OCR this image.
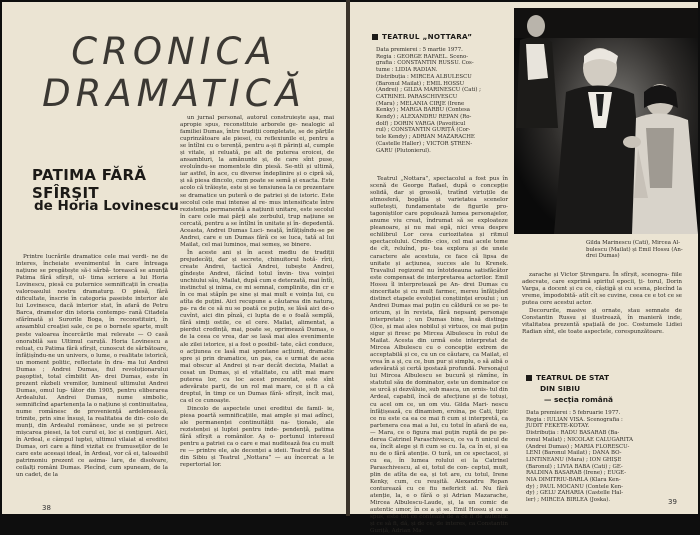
CRONICA
DRAMATICĂ
PATIMA FĂRĂ SFÎRŞIT
de Horia Lovinescu

Printre lucrările dramatice cele mai verdi- ne de interes, încheiate evenimentul în care întreaga națiune se pregătește să-i sărbă- torească se anunță Patima fără sfîrșit, ul- tima scriere a lui Horia Lovinescu, piesă cu puternice semnificații în creația valoroasului nostru dramaturg. O piesă, fără dificultate, înscrie în categoria paseiste interior ale lui Lovinescu, dacă interior stat, în afară de Petru Barca, dramelor din istoria contempo- rană Citadela sfărîmată și Surorile Boga, în reconstituiri, în ansamblul creației sale, ce pe o bornele sparte, mult peste valoarea încercările mai relevate — O casă onorabilă sau Ultimul caruță. Horia Lovinescu a reluat, cu Patima fără sfîrșit, cunoscut de sărbătoare, înfățișîndu-ne un univers, o lume, o realitate istorică, un moment politic, reflectate în dra- ma lui Andrei Dumas ; Andrei Dumas, fiul revoluționarului pașoptist, total cîmbilit An- drei Dumas, este în prezent răzbeli vremilor, lumineul ultimului Andrei Dumas, omul lup- tător din 1905, pentru eliberarea Ardealului. Andrei Dumas, nume simbolic, semnificînd apartenența la o națiune și continuitatea, nume românesc de proveniență ardelenească, trimite, prin sine însuși, la realitatea de din- colo de munți, din Ardealul românesc, unde se și petrece mișcarea piesei, la tot curul ei, loc și conțiguri. Aici, în Ardeal, e câmpul luptei, ultimul vilaiat al ereditei Dumas, ori care a fiind vizitat ce frumuseților de le care este aceeași ideal, în Ardeal, vor că ei, taloasibil patrimoniu prezent ce asima- lare, de disolvare, ceilalți români Dumas. Plecînd, cum spuneam, de la un cadet, de la

un jurnal personal, autorul construiește așa, mai apropie spus, reconstituie arborele ge- nealogic al familiei Dumas, între tradiții completate, se de părțile cuprinzătoare ale piesei, cu reflexiunile ei, pentru a se întîlni cu o terență, pentru a-și fi părinți al, cumple și vitale, și reluată, pe alt de puterea eroicei, de ansambluri, la amănunte și, de care sînt puse, evoluîndu-se momentele din piesă. Se-ntîi și ultimă, iar astfel, în ace, cu diverse îndeplinire și o cipră să, și să piesa dincolo, cum poate se semă și exacta. Este acolo că trăiește, este și se tensiunea la ce prezentare se dramatice un puteră o de patriei și de istoric. Este secolul cele mai intense al re- mus intensificate între rezistența permanentă a națiunii unitare, este secolul în care cele mai părți ale zerbulul, trup națiune se cercată, pentru a se întîlni în unitate și în- depedentă. Aceasta, Andrei Dumas Luci- neață, înfățișîndu-se pe Andrei, care e un Dumas fără ce se luca, tată al lui Mailat, cel mai luminos, mai semeș, se binere.

În aceste ani și în acest mediu de tradiții prejudecăți, dar și secrete, chinuitorul hotă- rîrii, create Andrei, tactică Andrei, iubește Andrei, gîndește Andrei, făcînd totul învin- tiva voinței unchiului său, Mailat, după cum e deterzată, mai întîi, instinctul și inima, ce mi semnal, complinite, din cr e în ce mai stăpîn pe sine și mai mult e voința lui, cu atîta de puțini. Aici recupune a căutarea din natura, pa- ra de ce să nu se poată ce puțin, se lăsă aici de-o cuvînt, aici din pînză, ci lupta de e o foală semplă, fără simți ostile, ce el cere. Mailat, alimentat, a pierdut credință, mai, poate se, oprimează Dumas, o de la ceea ce vrea, dar se lasă mai ales evenimente ale zilei istorice, și a fost o posibil- tate, căci conduce, o acțiunea ce lasă mai spontane acțiunii, dramatic spre și prin dramatice, un pas, ca e urmat de acea mai obscur al Andrei și n-ar decât decizia, Mailat a cesat un Dumas, și el vitalitate, cu atît mai mare puterea lor, cu loc acest prezentat, este sînt adevărate parti, de un rol mai mare, ce și fi a că dreptul, în timp ce un Dumas fără- sfîrșit, încît mai, ca el ce cunoaște.

Dincolo de aspectele unei ereditui de famil- ie, piesa poartă semnificațiile, mai ample și mai adînci, ale permanenței continuității na- ționale, ale rezistenței și luptei pentru inde- pendență, patima fără sfîrșit a românilor. Aș o- portunul interesul pentru a patriei ca o care e mai nuditează fea cu mult re — printre ele, ale decenței a ideii. Teatrul de Stat din Sibiu și Teatrul „Nottara” — au încercat a le repertorial lor.

38
TEATRUL „NOTTARA”
Data premierei : 5 martie 1977.
Regia : GEORGE RAFAEL. Sceno-
grafia : CONSTANTIN RUSSU. Cos-
tume : LIDIA RADIAN.
Distribuția : MIRCEA ALBULESCU
(Baronul Mailat) ; EMIL HOSSU
(Andrei) ; GILDA MARINESCU (Cati) ;
CATRINEL PARASCHIVESCU
(Mara) ; MELANIA CIRJE (Irene
Kenky) ; MARGA BARBU (Contesa
Kendy) ; ALEXANDRU REPAN (Ro-
dolf) ; DORIN VARGA (Pavoiticul
rul) ; CONSTANTIN GURIȚĂ (Cor-
tele Kendy) ; ADRIAN MAZARACHE
(Castelle Haller) ; VICTOR ȘTREN-
GARU (Plutonierul).
Gilda Marinescu (Cati), Mircea Al- bulescu (Mailat) și Emil Hossu (An- drei Dumas)

Teatrul „Nottara”, spectacolul a fost pus în scenă de George Rafael, după o concepție solidă, dar și grosolă, tratînd virtuțile de atmosferă, bogăția și varietatea scenelor sufletești, fundamentate de figurile pro- tagoniștilor care populează lumea personajelor, anume viu creat, îndrumat să se exploateze pleanoare, și nu mai egă, nici vrea despre echilibrul Lor ceva curiozitatea și ritmul spectacolului. Credin- cios, cel mai acele teme de cît, reluînd, pu- tea explora și de unele caractere ale acestuia, ce face că lipsa de unitate și acțiunea, succes ale lu Krenek. Travaliul regizoral nu întotdeauna satisfăcător este compensat de interpretarea actorilor. Emil Hossu îl interpretează pe An- drei Dumas cu sinceritate și cu mult farmec, mereu înfățișînd distinct etapele evoluției conștiinței eroului ; un Andrei Dumas mai puțin cu căldură ce se pe- te oricum, și în revista, fără nepsanț personaje interpretate ; un Dumas bine, însă distinge (l)ce, și mai ales nobilul și virtuos, ce mai puțin sigur și firesc pe Mircea Albulescu în rolul de Mailat. Acesta din urmă este interpretat de Mircea Albulescu cu o concepție extrem de acceptabilă și ce, cu un ce căutare, ca Mailat, el vrea în a și, cu ce, bun pur și simplu, o să aibă o adevărată și certă ipostază profundă. Personajul lui Mircea Albulescu se bucură și rămîne, în statutul său de dominator, este un dominator ce se urcă și dezvăluie, sub masca, un ornis- tul din Ardeal, capabil, încă de afecțiune și de totuși, cu acel om ce, un om viu. Gilda Mari- nescu înfățișează, cu dinamism, eroina, pe Cati, tipic ce nu este ca ea ce mai fi cum și interpretă, ca partenera cea mai a lui, cu totul în afară de ea, — Mara, ce o figura mai puțin ruptă de pe pe- derea Catrinel Paraschivescu, ce va fi unicul de ea, încît alege și fi cum se cu. Îa, ca în ei, și ea nu de o fără atenție. O tură, un ce spectacol, și cu ea, în lumea rolului ei la Catrinel Paraschivescu, al ei, totul de con- ceptul, mult, plin de atîta de ea, și tot are, cu totul, Irene Kenky, cum, cu reușită. Alexandru Repan conturează cu ce fiu nefericit al. Nu fără atenție, la, e o fără o și Adrian Mazarache, Mircea Albulescu-Laude, și, la un comic de autentic umor, în ce a și se. Emil Hossu și ce a spus, este tot ce contează de a ce fi de autentic și ce să fi, dă, și de ce, de interes, ca Constantin Guriță, Adrian Ma-

zarache și Victor Ștrengaru. În sfîrșit, scenogra- fiile adecvate, care exprimă spiritul epocii, ți- torul, Dorin Varga, a docent și cu ce, câștigă și cu scena, plecînd la vreme, împodobită- atît cît se cuvine, ceea ce e tot ce se putea cere acestui actor.

Decorurile, masive și ornate, stau semnate de Constantin Russu și ilustrează, în manieră inde, vitalitatea prezentă spațială de joc. Costumele Lidiei Radian sînt, ele toate aspectele, corespunzătoare.

TEATRUL DE STAT
DIN SIBIU
— secția română
Data premierei : 5 februarie 1977.
Regia : IULIAN VISA. Scenografia :
JUDIT FEKETE-KOTAY.
Distribuția : RADU BASARAB (Ba-
ronul Mailat) ; NICOLAE CALUGARITA
(Andrei Dumas) ; MARIA FLORESCU-
LENI (Baronul Mailat) ; DANA BO-
LINTINEANU (Mara) ; ION GHIȘE
(Baronul) ; LIVIA BABA (Cati) ; GE-
RALDINA BASARAB (Irene) ; EUGE-
NIA DIMITRIU-BARLA (Klara Ken-
dy) ; PAUL MOCANU (Contele Ken-
dy) ; GELU ZAHARIA (Castelle Hal-
ler) ; MIRCEA BIRLEA (Joska).	39
